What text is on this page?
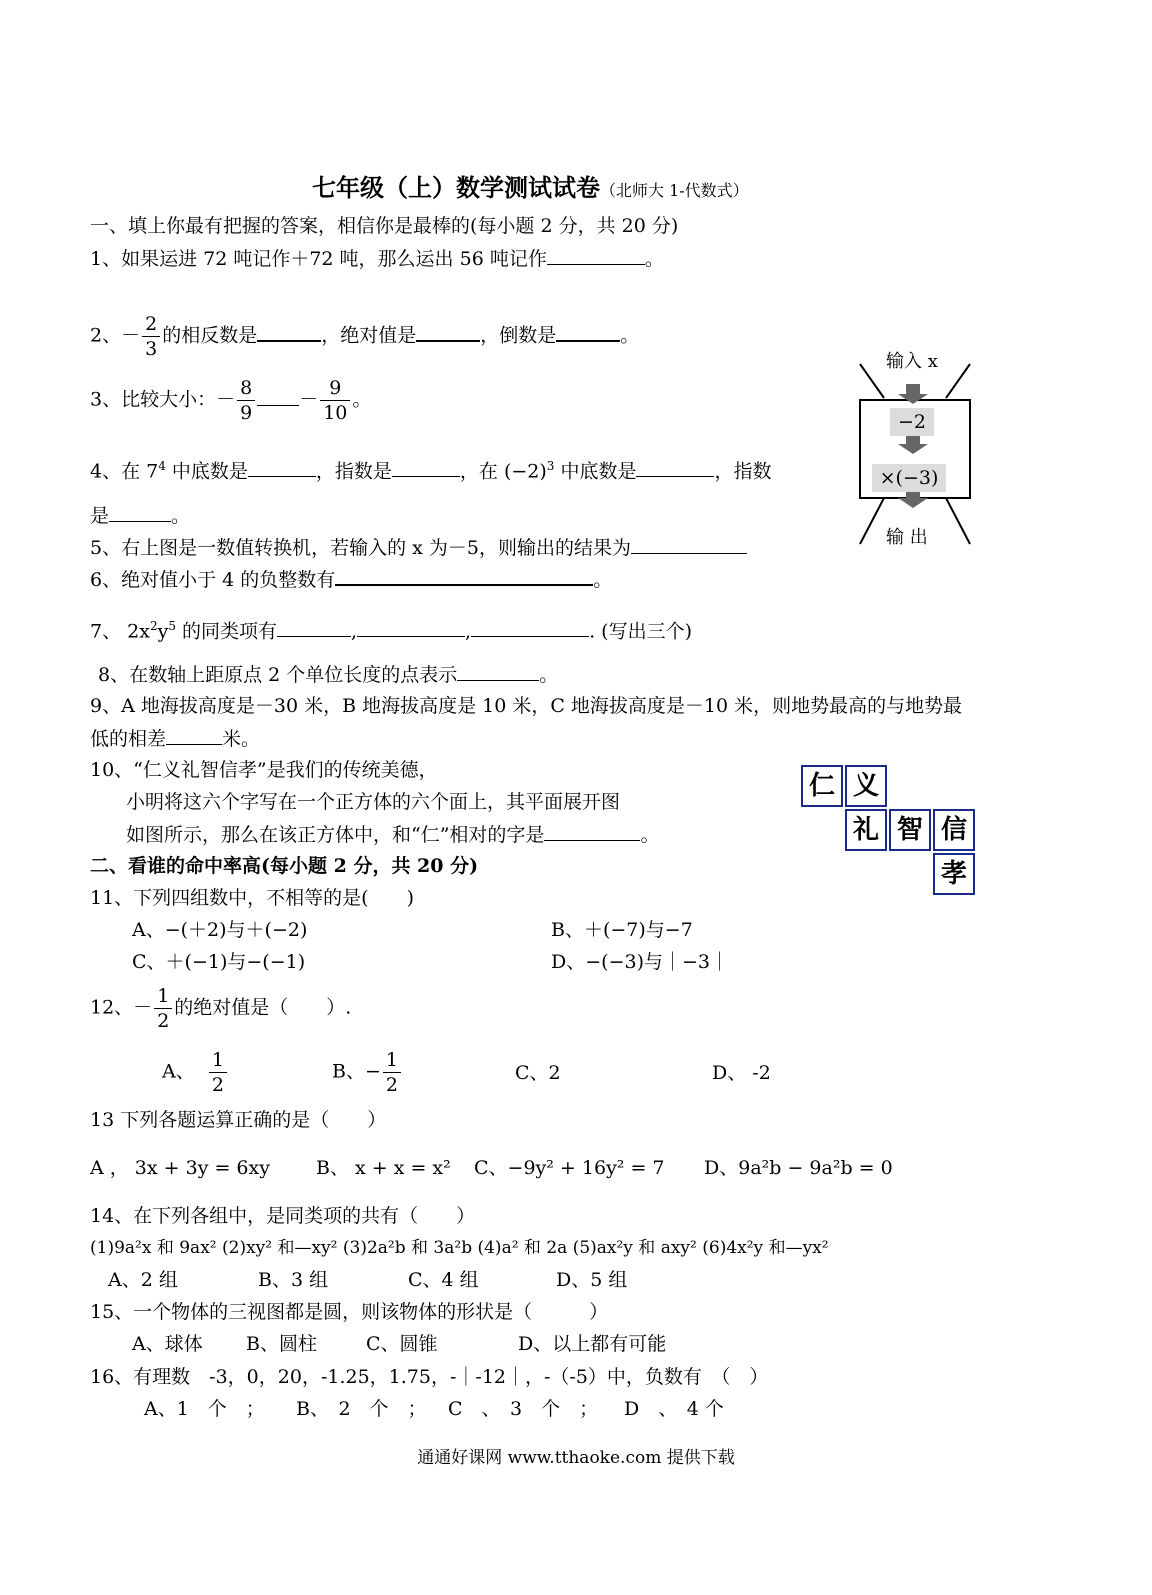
七年级（上）数学测试试卷（北师大 1-代数式）
一、填上你最有把握的答案，相信你是最棒的(每小题 2 分，共 20 分)
1、如果运进 72 吨记作＋72 吨，那么运出 56 吨记作	。
2、－ $\frac{2}{3}$ 的相反数是	，绝对值是	，倒数是	。
3、比较大小：－ $\frac{8}{9} - \frac{9}{10}$ 。
4、在 $7^4$ 中底数是	，指数是	，在 $(-2)^3$ 中底数是	，指数
是	。
5、右上图是一数值转换机，若输入的 x 为－5，则输出的结果为
6、绝对值小于 4 的负整数有	。
7、 $2x^2y^5$ 的同类项有	,	,	. (写出三个)
8、在数轴上距原点 2 个单位长度的点表示	。
9、A 地海拔高度是－30 米，B 地海拔高度是 10 米，C 地海拔高度是－10 米，则地势最高的与地势最
低的相差	米。
10、“仁义礼智信孝”是我们的传统美德，
小明将这六个字写在一个正方体的六个面上，其平面展开图
如图所示，那么在该正方体中，和“仁”相对的字是	。
仁 义
礼 智 信
孝
输入 x
−2
×(−3)
输 出
二、看谁的命中率高(每小题 2 分，共 20 分)
11、下列四组数中，不相等的是(　　)
A、−(＋2)与＋(−2)	B、＋(−7)与−7
C、＋(−1)与−(−1)	D、−(−3)与｜−3｜
12、－ $\frac{1}{2}$ 的绝对值是（　　）.
A、 $\frac{1}{2}$	B、− $\frac{1}{2}$	C、2	D、 -2
13 下列各题运算正确的是（　　）
A ， 3x + 3y = 6xy B、 x + x = x² C、−9y² + 16y² = 7 D、9a²b − 9a²b = 0
14、在下列各组中，是同类项的共有（　　）
(1)9a²x 和 9ax² (2)xy² 和—xy² (3)2a²b 和 3a²b (4)a² 和 2a (5)ax²y 和 axy² (6)4x²y 和—yx²
A、2 组	B、3 组	C、4 组	D、5 组
15、一个物体的三视图都是圆，则该物体的形状是（　　　）
A、球体 B、圆柱	C、圆锥	D、以上都有可能
16、有理数　-3，0，20，-1.25，1.75，-｜-12｜，-（-5）中，负数有　（　）
A、1　个　； B、　2　个　； C　、　3　个　； D　、　4 个
通通好课网 www.tthaoke.com 提供下载
